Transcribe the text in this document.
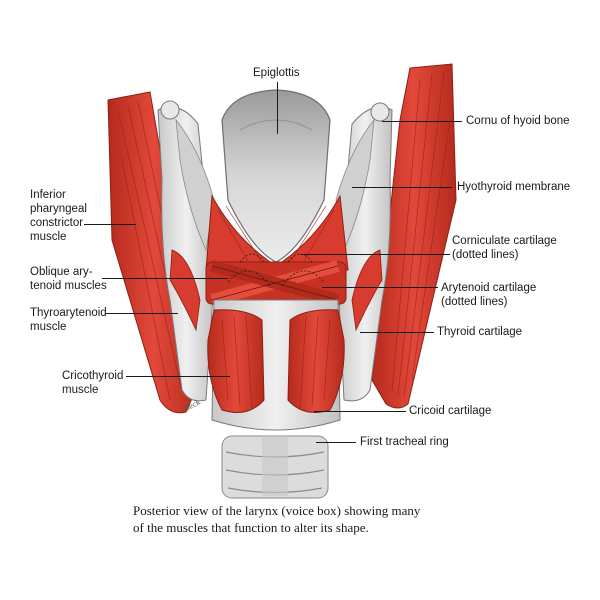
Epiglottis
Cornu of hyoid bone
Hyothyroid membrane
Corniculate cartilage
(dotted lines)
Arytenoid cartilage
(dotted lines)
Thyroid cartilage
Cricoid cartilage
First tracheal ring
Inferior
pharyngeal
constrictor
muscle
Oblique ary-
tenoid muscles
Thyroarytenoid
muscle
Cricothyroid
muscle
Beck
Posterior view of the larynx (voice box) showing many
of the muscles that function to alter its shape.
